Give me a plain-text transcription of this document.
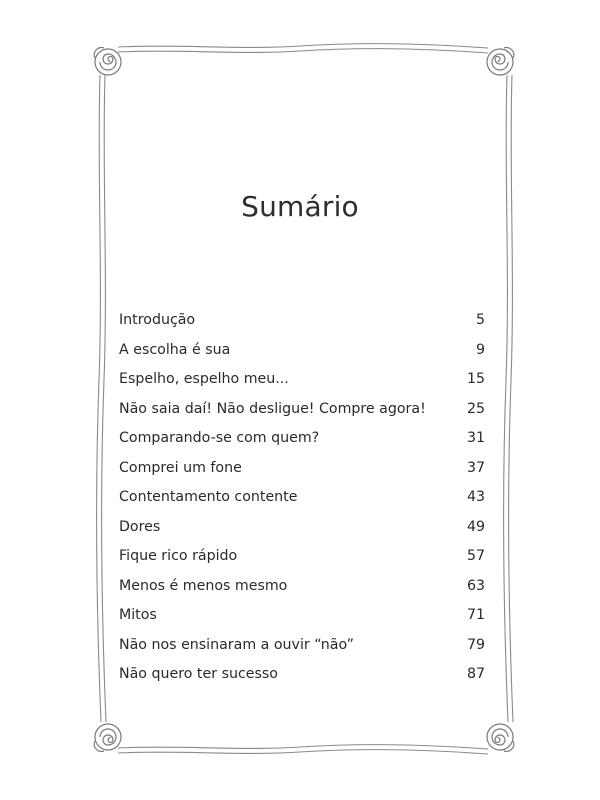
Sumário
Introdução	5
A escolha é sua	9
Espelho, espelho meu...	15
Não saia daí! Não desligue! Compre agora!	25
Comparando-se com quem?	31
Comprei um fone	37
Contentamento contente	43
Dores	49
Fique rico rápido	57
Menos é menos mesmo	63
Mitos	71
Não nos ensinaram a ouvir “não”	79
Não quero ter sucesso	87
